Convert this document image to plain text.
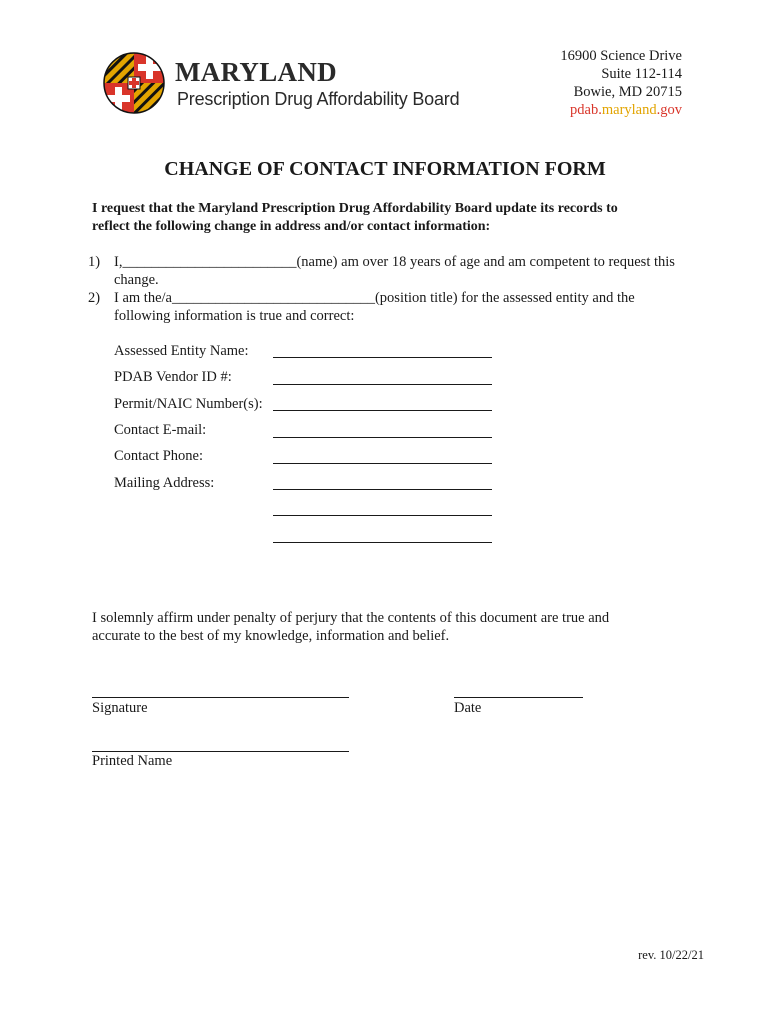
MARYLAND
Prescription Drug Affordability Board
16900 Science Drive
Suite 112-114
Bowie, MD 20715
pdab.maryland.gov
CHANGE OF CONTACT INFORMATION FORM
I request that the Maryland Prescription Drug Affordability Board update its records to reflect the following change in address and/or contact information:
1) I,________________________(name) am over 18 years of age and am competent to request this change.
2) I am the/a____________________________(position title) for the assessed entity and the following information is true and correct:
Assessed Entity Name:
PDAB Vendor ID #:
Permit/NAIC Number(s):
Contact E-mail:
Contact Phone:
Mailing Address:
I solemnly affirm under penalty of perjury that the contents of this document are true and accurate to the best of my knowledge, information and belief.
Signature	Date
Printed Name
rev. 10/22/21
